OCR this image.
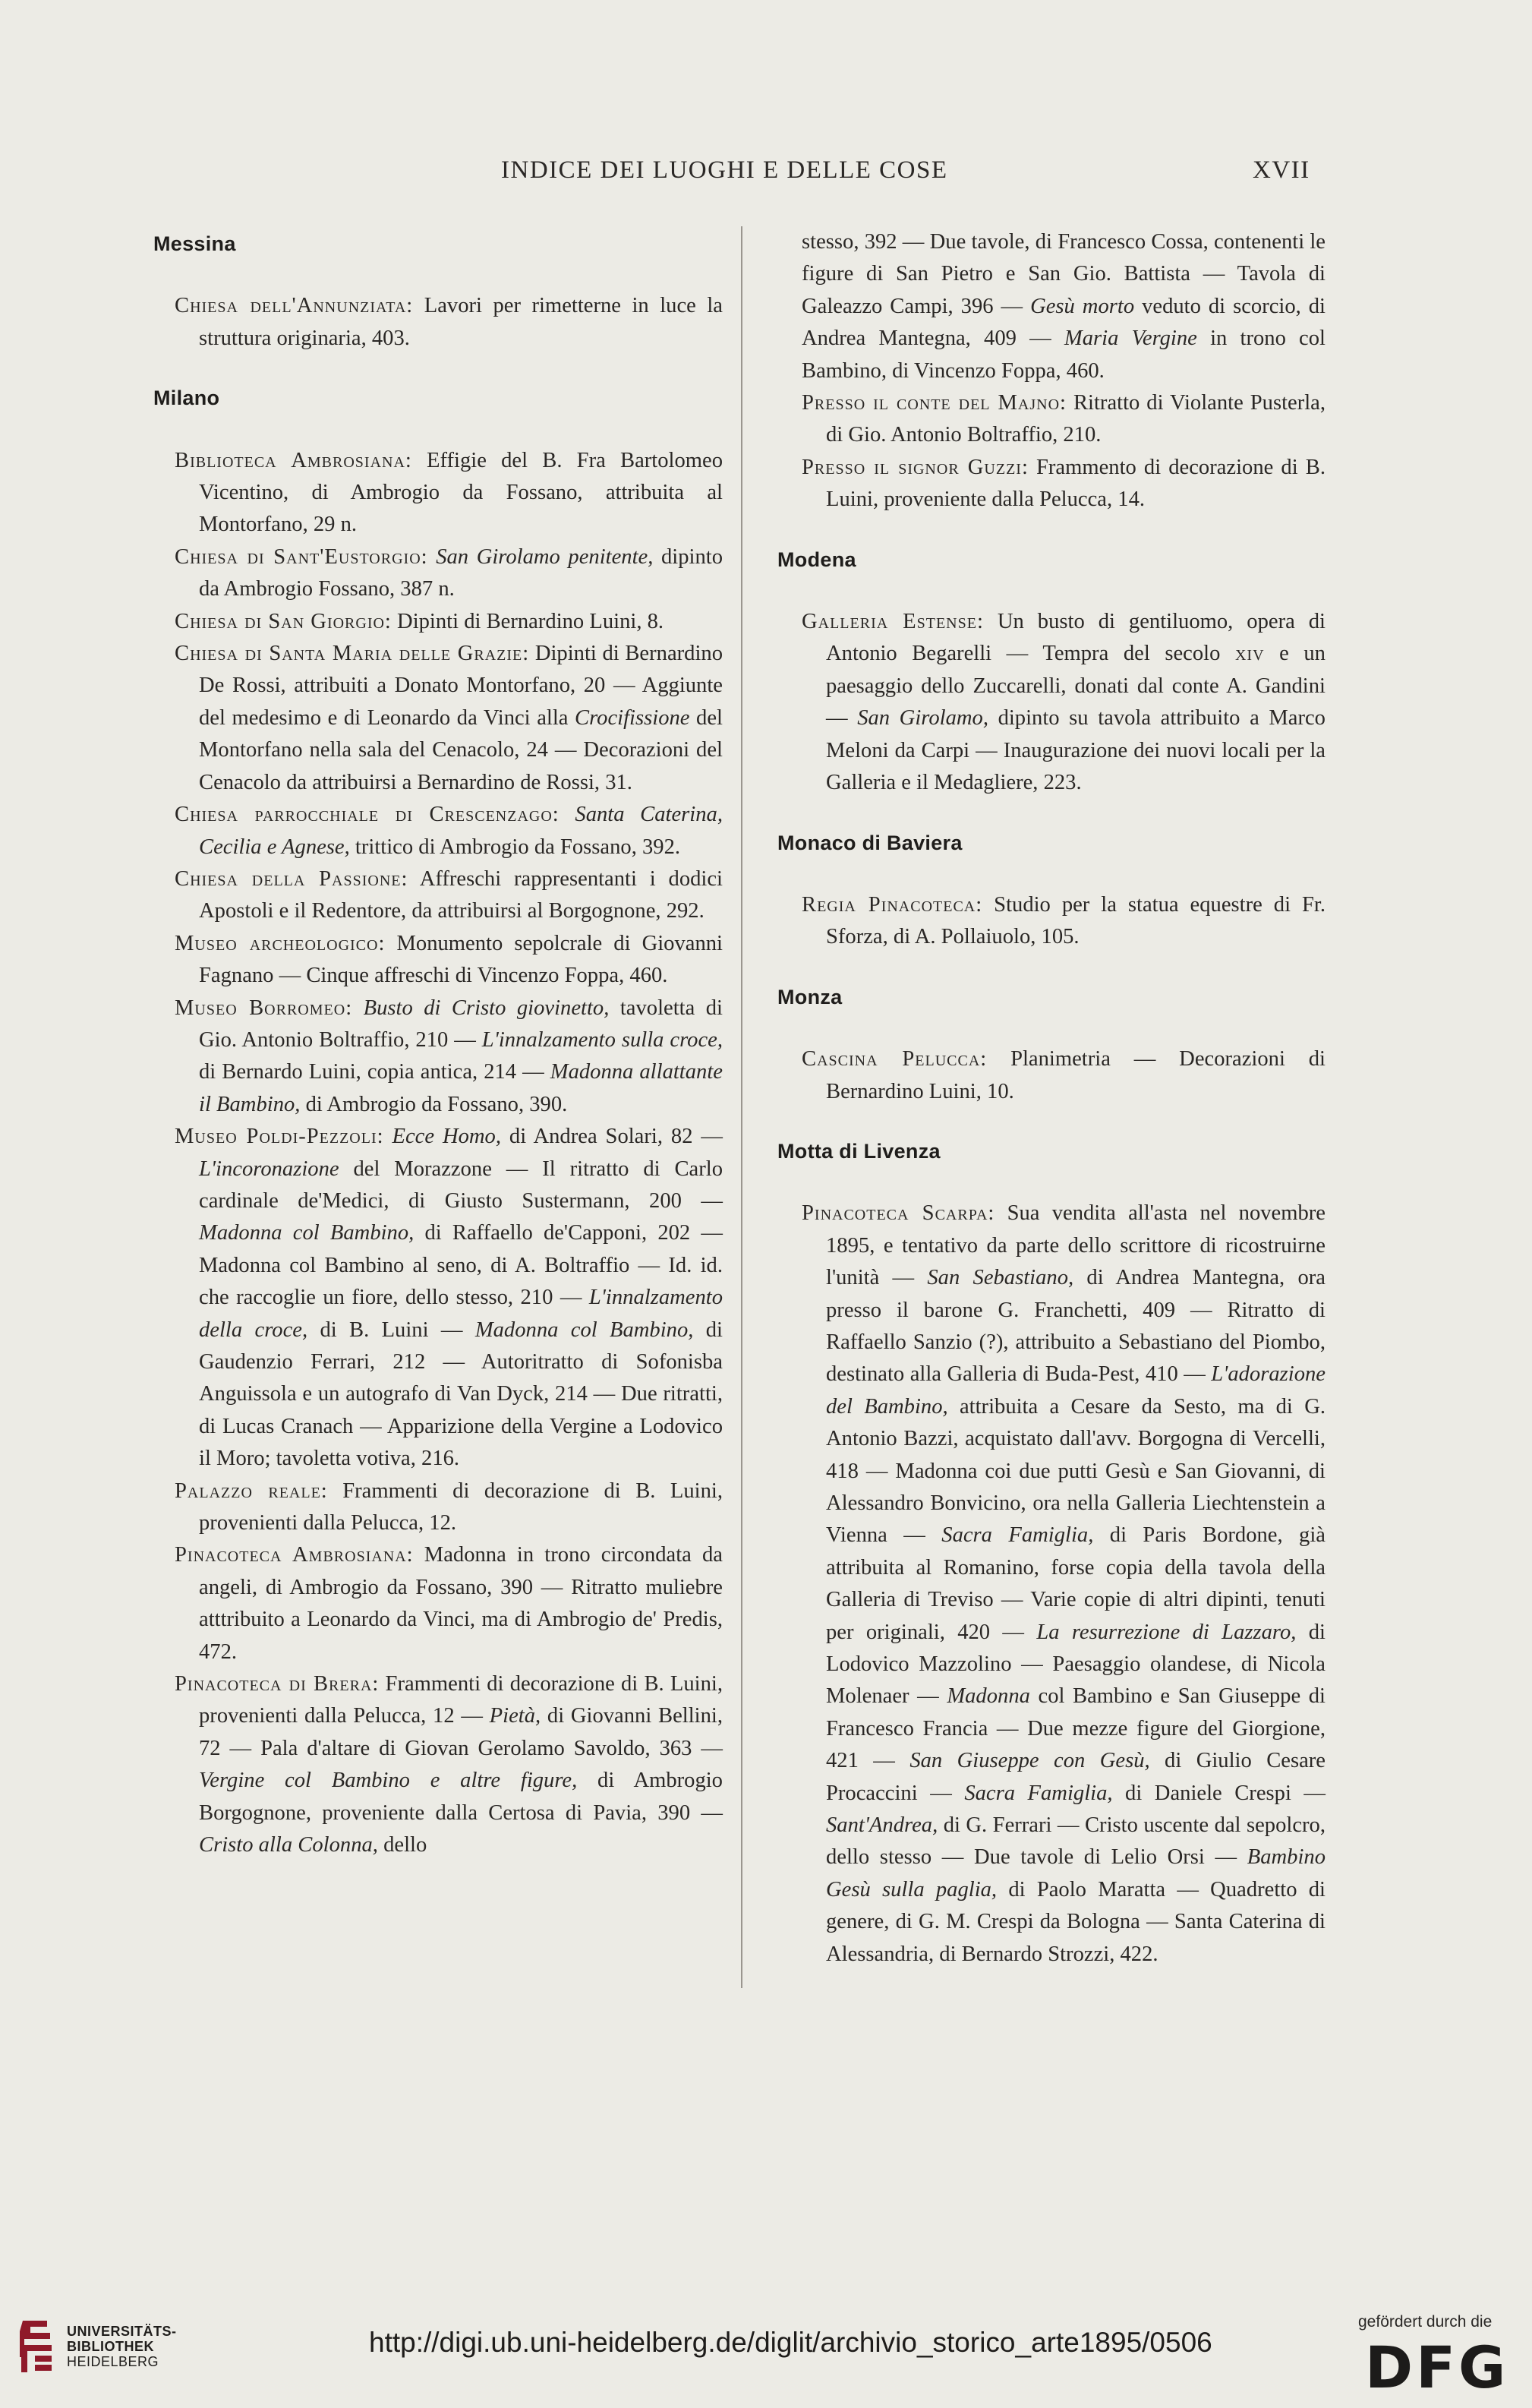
INDICE DEI LUOGHI E DELLE COSE	XVII
Messina

Chiesa dell'Annunziata: Lavori per rimetterne in luce la struttura originaria, 403.

Milano

Biblioteca Ambrosiana: Effigie del B. Fra Bartolomeo Vicentino, di Ambrogio da Fossano, attribuita al Montorfano, 29 n.

Chiesa di Sant'Eustorgio: San Girolamo penitente, dipinto da Ambrogio Fossano, 387 n.

Chiesa di San Giorgio: Dipinti di Bernardino Luini, 8.

Chiesa di Santa Maria delle Grazie: Dipinti di Bernardino De Rossi, attribuiti a Donato Montorfano, 20 — Aggiunte del medesimo e di Leonardo da Vinci alla Crocifissione del Montorfano nella sala del Cenacolo, 24 — Decorazioni del Cenacolo da attribuirsi a Bernardino de Rossi, 31.

Chiesa parrocchiale di Crescenzago: Santa Caterina, Cecilia e Agnese, trittico di Ambrogio da Fossano, 392.

Chiesa della Passione: Affreschi rappresentanti i dodici Apostoli e il Redentore, da attribuirsi al Borgognone, 292.

Museo archeologico: Monumento sepolcrale di Giovanni Fagnano — Cinque affreschi di Vincenzo Foppa, 460.

Museo Borromeo: Busto di Cristo giovinetto, tavoletta di Gio. Antonio Boltraffio, 210 — L'innalzamento sulla croce, di Bernardo Luini, copia antica, 214 — Madonna allattante il Bambino, di Ambrogio da Fossano, 390.

Museo Poldi-Pezzoli: Ecce Homo, di Andrea Solari, 82 — L'incoronazione del Morazzone — Il ritratto di Carlo cardinale de'Medici, di Giusto Sustermann, 200 — Madonna col Bambino, di Raffaello de'Capponi, 202 — Madonna col Bambino al seno, di A. Boltraffio — Id. id. che raccoglie un fiore, dello stesso, 210 — L'innalzamento della croce, di B. Luini — Madonna col Bambino, di Gaudenzio Ferrari, 212 — Autoritratto di Sofonisba Anguissola e un autografo di Van Dyck, 214 — Due ritratti, di Lucas Cranach — Apparizione della Vergine a Lodovico il Moro; tavoletta votiva, 216.

Palazzo reale: Frammenti di decorazione di B. Luini, provenienti dalla Pelucca, 12.

Pinacoteca Ambrosiana: Madonna in trono circondata da angeli, di Ambrogio da Fossano, 390 — Ritratto muliebre atttribuito a Leonardo da Vinci, ma di Ambrogio de' Predis, 472.

Pinacoteca di Brera: Frammenti di decorazione di B. Luini, provenienti dalla Pelucca, 12 — Pietà, di Giovanni Bellini, 72 — Pala d'altare di Giovan Gerolamo Savoldo, 363 — Vergine col Bambino e altre figure, di Ambrogio Borgognone, proveniente dalla Certosa di Pavia, 390 — Cristo alla Colonna, dello

stesso, 392 — Due tavole, di Francesco Cossa, contenenti le figure di San Pietro e San Gio. Battista — Tavola di Galeazzo Campi, 396 — Gesù morto veduto di scorcio, di Andrea Mantegna, 409 — Maria Vergine in trono col Bambino, di Vincenzo Foppa, 460.

Presso il conte del Majno: Ritratto di Violante Pusterla, di Gio. Antonio Boltraffio, 210.

Presso il signor Guzzi: Frammento di decorazione di B. Luini, proveniente dalla Pelucca, 14.

Modena

Galleria Estense: Un busto di gentiluomo, opera di Antonio Begarelli — Tempra del secolo xiv e un paesaggio dello Zuccarelli, donati dal conte A. Gandini — San Girolamo, dipinto su tavola attribuito a Marco Meloni da Carpi — Inaugurazione dei nuovi locali per la Galleria e il Medagliere, 223.

Monaco di Baviera

Regia Pinacoteca: Studio per la statua equestre di Fr. Sforza, di A. Pollaiuolo, 105.

Monza

Cascina Pelucca: Planimetria — Decorazioni di Bernardino Luini, 10.

Motta di Livenza

Pinacoteca Scarpa: Sua vendita all'asta nel novembre 1895, e tentativo da parte dello scrittore di ricostruirne l'unità — San Sebastiano, di Andrea Mantegna, ora presso il barone G. Franchetti, 409 — Ritratto di Raffaello Sanzio (?), attribuito a Sebastiano del Piombo, destinato alla Galleria di Buda-Pest, 410 — L'adorazione del Bambino, attribuita a Cesare da Sesto, ma di G. Antonio Bazzi, acquistato dall'avv. Borgogna di Vercelli, 418 — Madonna coi due putti Gesù e San Giovanni, di Alessandro Bonvicino, ora nella Galleria Liechtenstein a Vienna — Sacra Famiglia, di Paris Bordone, già attribuita al Romanino, forse copia della tavola della Galleria di Treviso — Varie copie di altri dipinti, tenuti per originali, 420 — La resurrezione di Lazzaro, di Lodovico Mazzolino — Paesaggio olandese, di Nicola Molenaer — Madonna col Bambino e San Giuseppe di Francesco Francia — Due mezze figure del Giorgione, 421 — San Giuseppe con Gesù, di Giulio Cesare Procaccini — Sacra Famiglia, di Daniele Crespi — Sant'Andrea, di G. Ferrari — Cristo uscente dal sepolcro, dello stesso — Due tavole di Lelio Orsi — Bambino Gesù sulla paglia, di Paolo Maratta — Quadretto di genere, di G. M. Crespi da Bologna — Santa Caterina di Alessandria, di Bernardo Strozzi, 422.

UNIVERSITÄTS-
BIBLIOTHEK
HEIDELBERG
http://digi.ub.uni-heidelberg.de/diglit/archivio_storico_arte1895/0506
gefördert durch die
DFG
